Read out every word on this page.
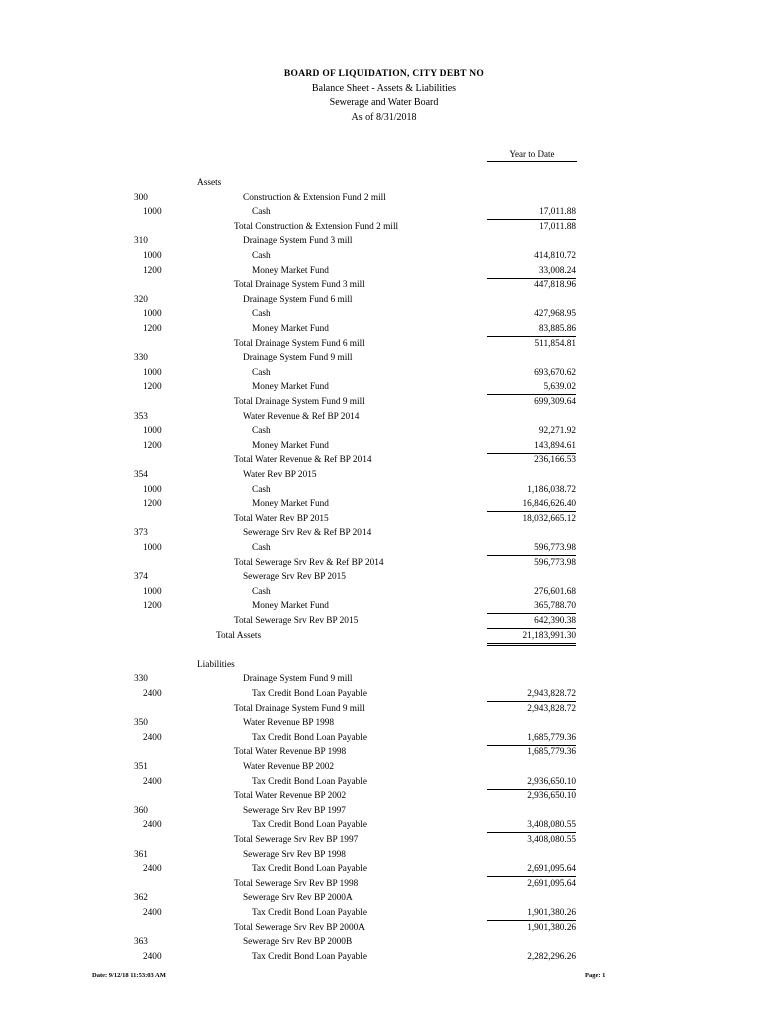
BOARD OF LIQUIDATION, CITY DEBT NO
Balance Sheet - Assets & Liabilities
Sewerage and Water Board
As of 8/31/2018
Year to Date
Assets
300	Construction & Extension Fund 2 mill
1000	Cash	17,011.88
Total Construction & Extension Fund 2 mill	17,011.88
310	Drainage System Fund 3 mill
1000	Cash	414,810.72
1200	Money Market Fund	33,008.24
Total Drainage System Fund 3 mill	447,818.96
320	Drainage System Fund 6 mill
1000	Cash	427,968.95
1200	Money Market Fund	83,885.86
Total Drainage System Fund 6 mill	511,854.81
330	Drainage System Fund 9 mill
1000	Cash	693,670.62
1200	Money Market Fund	5,639.02
Total Drainage System Fund 9 mill	699,309.64
353	Water Revenue & Ref BP 2014
1000	Cash	92,271.92
1200	Money Market Fund	143,894.61
Total Water Revenue & Ref BP 2014	236,166.53
354	Water Rev BP 2015
1000	Cash	1,186,038.72
1200	Money Market Fund	16,846,626.40
Total Water Rev BP 2015	18,032,665.12
373	Sewerage Srv Rev & Ref BP 2014
1000	Cash	596,773.98
Total Sewerage Srv Rev & Ref BP 2014	596,773.98
374	Sewerage Srv Rev BP 2015
1000	Cash	276,601.68
1200	Money Market Fund	365,788.70
Total Sewerage Srv Rev BP 2015	642,390.38
Total Assets	21,183,991.30
Liabilities
330	Drainage System Fund 9 mill
2400	Tax Credit Bond Loan Payable	2,943,828.72
Total Drainage System Fund 9 mill	2,943,828.72
350	Water Revenue BP 1998
2400	Tax Credit Bond Loan Payable	1,685,779.36
Total Water Revenue BP 1998	1,685,779.36
351	Water Revenue BP 2002
2400	Tax Credit Bond Loan Payable	2,936,650.10
Total Water Revenue BP 2002	2,936,650.10
360	Sewerage Srv Rev BP 1997
2400	Tax Credit Bond Loan Payable	3,408,080.55
Total Sewerage Srv Rev BP 1997	3,408,080.55
361	Sewerage Srv Rev BP 1998
2400	Tax Credit Bond Loan Payable	2,691,095.64
Total Sewerage Srv Rev BP 1998	2,691,095.64
362	Sewerage Srv Rev BP 2000A
2400	Tax Credit Bond Loan Payable	1,901,380.26
Total Sewerage Srv Rev BP 2000A	1,901,380.26
363	Sewerage Srv Rev BP 2000B
2400	Tax Credit Bond Loan Payable	2,282,296.26
Date: 9/12/18 11:53:03 AM	Page: 1
